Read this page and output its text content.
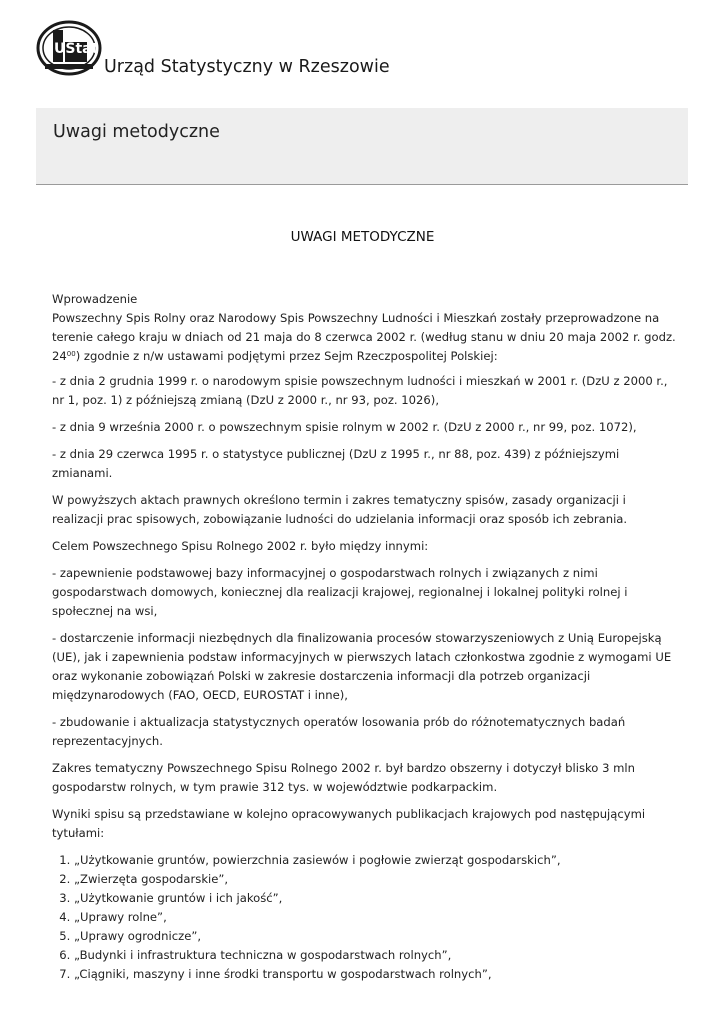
UStat
Urząd Statystyczny w Rzeszowie
Uwagi metodyczne
UWAGI METODYCZNE

Wprowadzenie
Powszechny Spis Rolny oraz Narodowy Spis Powszechny Ludności i Mieszkań zostały przeprowadzone na terenie całego kraju w dniach od 21 maja do 8 czerwca 2002 r. (według stanu w dniu 20 maja 2002 r. godz. $24^{00}$) zgodnie z n/w ustawami podjętymi przez Sejm Rzeczpospolitej Polskiej:

- z dnia 2 grudnia 1999 r. o narodowym spisie powszechnym ludności i mieszkań w 2001 r. (DzU z 2000 r., nr 1, poz. 1) z późniejszą zmianą (DzU z 2000 r., nr 93, poz. 1026),

- z dnia 9 września 2000 r. o powszechnym spisie rolnym w 2002 r. (DzU z 2000 r., nr 99, poz. 1072),

- z dnia 29 czerwca 1995 r. o statystyce publicznej (DzU z 1995 r., nr 88, poz. 439) z późniejszymi zmianami.

W powyższych aktach prawnych określono termin i zakres tematyczny spisów, zasady organizacji i realizacji prac spisowych, zobowiązanie ludności do udzielania informacji oraz sposób ich zebrania.

Celem Powszechnego Spisu Rolnego 2002 r. było między innymi:

- zapewnienie podstawowej bazy informacyjnej o gospodarstwach rolnych i związanych z nimi gospodarstwach domowych, koniecznej dla realizacji krajowej, regionalnej i lokalnej polityki rolnej i społecznej na wsi,

- dostarczenie informacji niezbędnych dla finalizowania procesów stowarzyszeniowych z Unią Europejską (UE), jak i zapewnienia podstaw informacyjnych w pierwszych latach członkostwa zgodnie z wymogami UE oraz wykonanie zobowiązań Polski w zakresie dostarczenia informacji dla potrzeb organizacji międzynarodowych (FAO, OECD, EUROSTAT i inne),

- zbudowanie i aktualizacja statystycznych operatów losowania prób do różnotematycznych badań reprezentacyjnych.

Zakres tematyczny Powszechnego Spisu Rolnego 2002 r. był bardzo obszerny i dotyczył blisko 3 mln gospodarstw rolnych, w tym prawie 312 tys. w województwie podkarpackim.

Wyniki spisu są przedstawiane w kolejno opracowywanych publikacjach krajowych pod następującymi tytułami:

1. „Użytkowanie gruntów, powierzchnia zasiewów i pogłowie zwierząt gospodarskich”,
2. „Zwierzęta gospodarskie”,
3. „Użytkowanie gruntów i ich jakość”,
4. „Uprawy rolne”,
5. „Uprawy ogrodnicze”,
6. „Budynki i infrastruktura techniczna w gospodarstwach rolnych”,
7. „Ciągniki, maszyny i inne środki transportu w gospodarstwach rolnych”,
